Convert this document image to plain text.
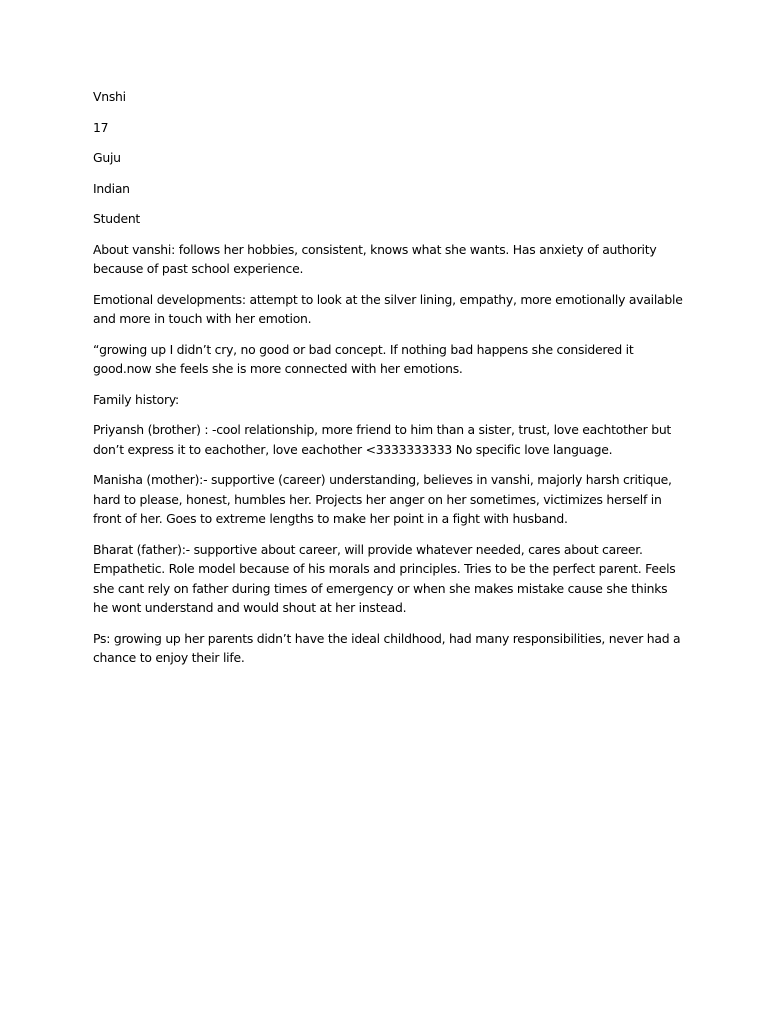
Vnshi

17

Guju

Indian

Student

About vanshi: follows her hobbies, consistent, knows what she wants. Has anxiety of authority because of past school experience.

Emotional developments: attempt to look at the silver lining, empathy, more emotionally available and more in touch with her emotion.

“growing up I didn’t cry, no good or bad concept. If nothing bad happens she considered it good.now she feels she is more connected with her emotions.

Family history:

Priyansh (brother) : -cool relationship, more friend to him than a sister, trust, love eachtother but don’t express it to eachother, love eachother <3333333333 No specific love language.

Manisha (mother):- supportive (career) understanding, believes in vanshi, majorly harsh critique, hard to please, honest, humbles her. Projects her anger on her sometimes, victimizes herself in front of her. Goes to extreme lengths to make her point in a fight with husband.

Bharat (father):- supportive about career, will provide whatever needed, cares about career. Empathetic. Role model because of his morals and principles. Tries to be the perfect parent. Feels she cant rely on father during times of emergency or when she makes mistake cause she thinks he wont understand and would shout at her instead.

Ps: growing up her parents didn’t have the ideal childhood, had many responsibilities, never had a chance to enjoy their life.
